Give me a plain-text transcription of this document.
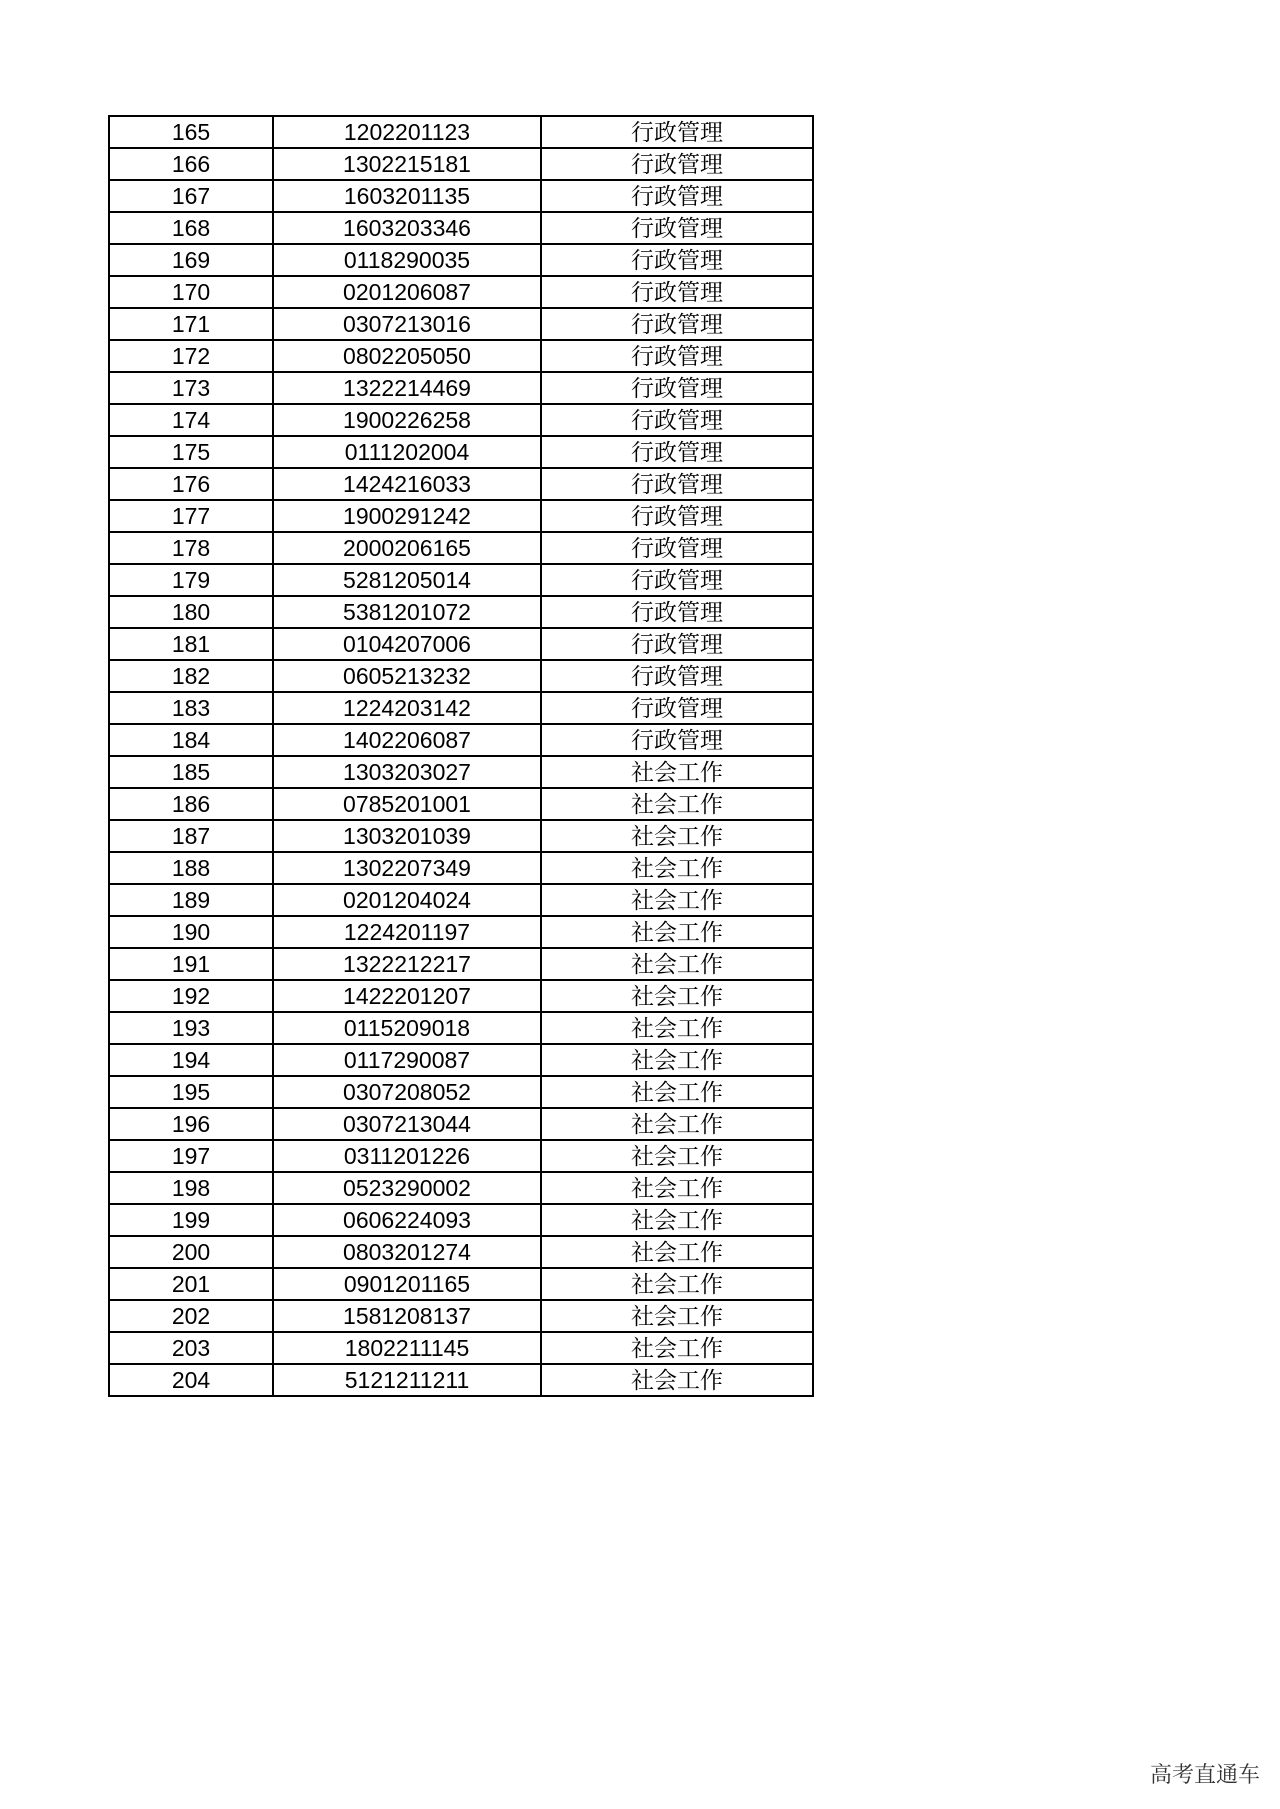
165	1202201123	行政管理
166	1302215181	行政管理
167	1603201135	行政管理
168	1603203346	行政管理
169	0118290035	行政管理
170	0201206087	行政管理
171	0307213016	行政管理
172	0802205050	行政管理
173	1322214469	行政管理
174	1900226258	行政管理
175	0111202004	行政管理
176	1424216033	行政管理
177	1900291242	行政管理
178	2000206165	行政管理
179	5281205014	行政管理
180	5381201072	行政管理
181	0104207006	行政管理
182	0605213232	行政管理
183	1224203142	行政管理
184	1402206087	行政管理
185	1303203027	社会工作
186	0785201001	社会工作
187	1303201039	社会工作
188	1302207349	社会工作
189	0201204024	社会工作
190	1224201197	社会工作
191	1322212217	社会工作
192	1422201207	社会工作
193	0115209018	社会工作
194	0117290087	社会工作
195	0307208052	社会工作
196	0307213044	社会工作
197	0311201226	社会工作
198	0523290002	社会工作
199	0606224093	社会工作
200	0803201274	社会工作
201	0901201165	社会工作
202	1581208137	社会工作
203	1802211145	社会工作
204	5121211211	社会工作
高考直通车
